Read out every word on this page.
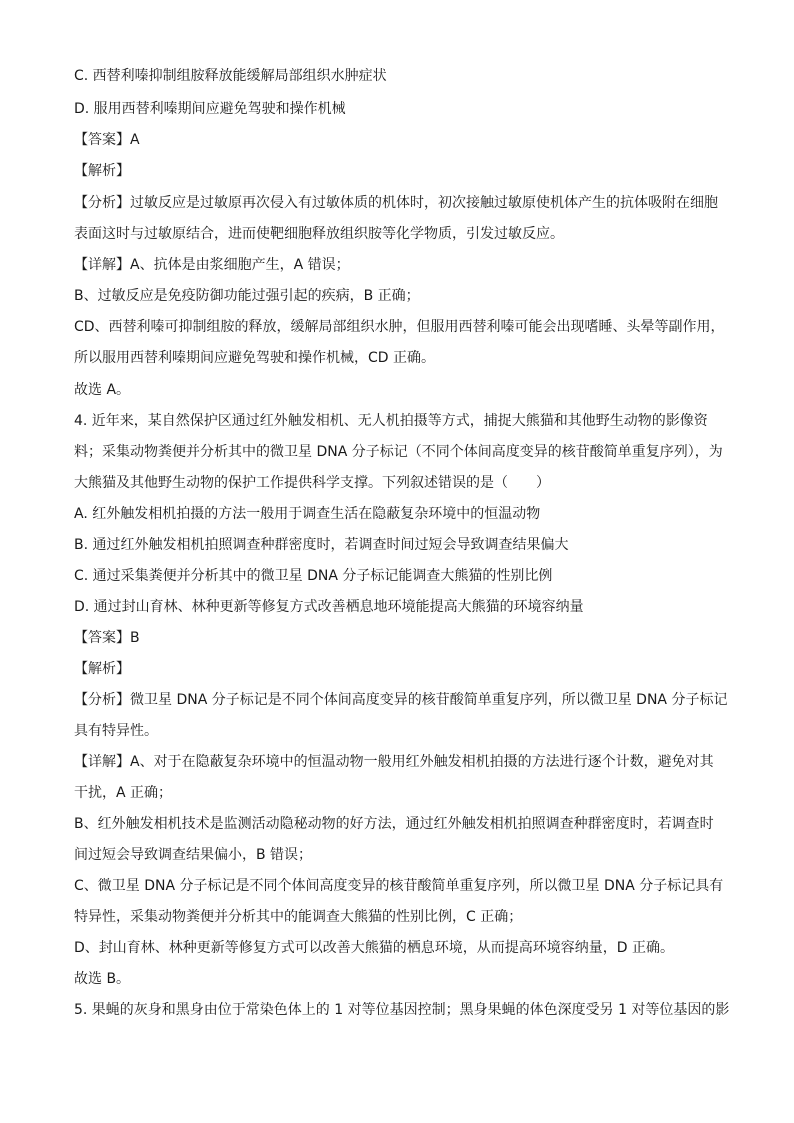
C. 西替利嗪抑制组胺释放能缓解局部组织水肿症状
D. 服用西替利嗪期间应避免驾驶和操作机械
【答案】A
【解析】
【分析】过敏反应是过敏原再次侵入有过敏体质的机体时，初次接触过敏原使机体产生的抗体吸附在细胞
表面这时与过敏原结合，进而使靶细胞释放组织胺等化学物质，引发过敏反应。
【详解】A、抗体是由浆细胞产生，A 错误；
B、过敏反应是免疫防御功能过强引起的疾病，B 正确；
CD、西替利嗪可抑制组胺的释放，缓解局部组织水肿，但服用西替利嗪可能会出现嗜睡、头晕等副作用，
所以服用西替利嗪期间应避免驾驶和操作机械，CD 正确。
故选 A。
4. 近年来，某自然保护区通过红外触发相机、无人机拍摄等方式，捕捉大熊猫和其他野生动物的影像资
料；采集动物粪便并分析其中的微卫星 DNA 分子标记（不同个体间高度变异的核苷酸简单重复序列），为
大熊猫及其他野生动物的保护工作提供科学支撑。下列叙述错误的是（　　）
A. 红外触发相机拍摄的方法一般用于调查生活在隐蔽复杂环境中的恒温动物
B. 通过红外触发相机拍照调查种群密度时，若调查时间过短会导致调查结果偏大
C. 通过采集粪便并分析其中的微卫星 DNA 分子标记能调查大熊猫的性别比例
D. 通过封山育林、林种更新等修复方式改善栖息地环境能提高大熊猫的环境容纳量
【答案】B
【解析】
【分析】微卫星 DNA 分子标记是不同个体间高度变异的核苷酸简单重复序列，所以微卫星 DNA 分子标记
具有特异性。
【详解】A、对于在隐蔽复杂环境中的恒温动物一般用红外触发相机拍摄的方法进行逐个计数，避免对其
干扰，A 正确；
B、红外触发相机技术是监测活动隐秘动物的好方法，通过红外触发相机拍照调查种群密度时，若调查时
间过短会导致调查结果偏小，B 错误；
C、微卫星 DNA 分子标记是不同个体间高度变异的核苷酸简单重复序列，所以微卫星 DNA 分子标记具有
特异性，采集动物粪便并分析其中的能调查大熊猫的性别比例，C 正确；
D、封山育林、林种更新等修复方式可以改善大熊猫的栖息环境，从而提高环境容纳量，D 正确。
故选 B。
5. 果蝇的灰身和黑身由位于常染色体上的 1 对等位基因控制；黑身果蝇的体色深度受另 1 对等位基因的影
